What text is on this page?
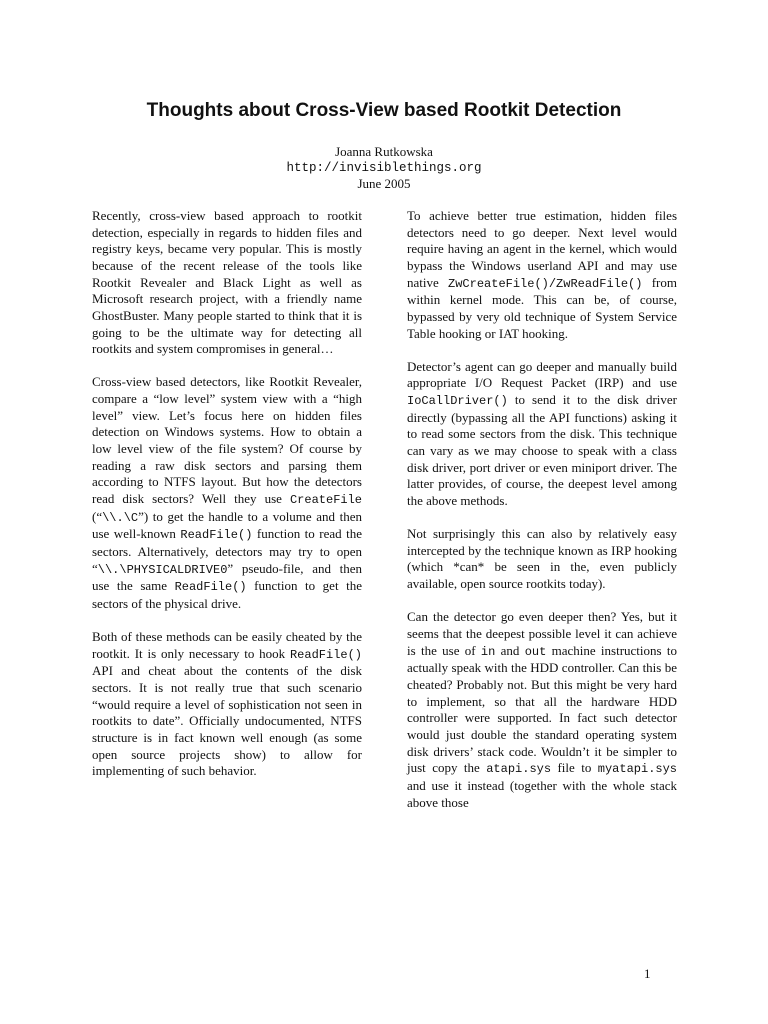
Thoughts about Cross-View based Rootkit Detection
Joanna Rutkowska
http://invisiblethings.org
June 2005

Recently, cross-view based approach to rootkit detection, especially in regards to hidden files and registry keys, became very popular. This is mostly because of the recent release of the tools like Rootkit Revealer and Black Light as well as Microsoft research project, with a friendly name GhostBuster. Many people started to think that it is going to be the ultimate way for detecting all rootkits and system compromises in general…

Cross-view based detectors, like Rootkit Revealer, compare a “low level” system view with a “high level” view. Let’s focus here on hidden files detection on Windows systems. How to obtain a low level view of the file system? Of course by reading a raw disk sectors and parsing them according to NTFS layout. But how the detectors read disk sectors? Well they use CreateFile (“\\.\C”) to get the handle to a volume and then use well-known ReadFile() function to read the sectors. Alternatively, detectors may try to open “\\.\PHYSICALDRIVE0” pseudo-file, and then use the same ReadFile() function to get the sectors of the physical drive.

Both of these methods can be easily cheated by the rootkit. It is only necessary to hook ReadFile() API and cheat about the contents of the disk sectors. It is not really true that such scenario “would require a level of sophistication not seen in rootkits to date”. Officially undocumented, NTFS structure is in fact known well enough (as some open source projects show) to allow for implementing of such behavior.

To achieve better true estimation, hidden files detectors need to go deeper. Next level would require having an agent in the kernel, which would bypass the Windows userland API and may use native ZwCreateFile()/ZwReadFile() from within kernel mode. This can be, of course, bypassed by very old technique of System Service Table hooking or IAT hooking.

Detector’s agent can go deeper and manually build appropriate I/O Request Packet (IRP) and use IoCallDriver() to send it to the disk driver directly (bypassing all the API functions) asking it to read some sectors from the disk. This technique can vary as we may choose to speak with a class disk driver, port driver or even miniport driver. The latter provides, of course, the deepest level among the above methods.

Not surprisingly this can also by relatively easy intercepted by the technique known as IRP hooking (which *can* be seen in the, even publicly available, open source rootkits today).

Can the detector go even deeper then? Yes, but it seems that the deepest possible level it can achieve is the use of in and out machine instructions to actually speak with the HDD controller. Can this be cheated? Probably not. But this might be very hard to implement, so that all the hardware HDD controller were supported. In fact such detector would just double the standard operating system disk drivers’ stack code. Wouldn’t it be simpler to just copy the atapi.sys file to myatapi.sys and use it instead (together with the whole stack above those

1
